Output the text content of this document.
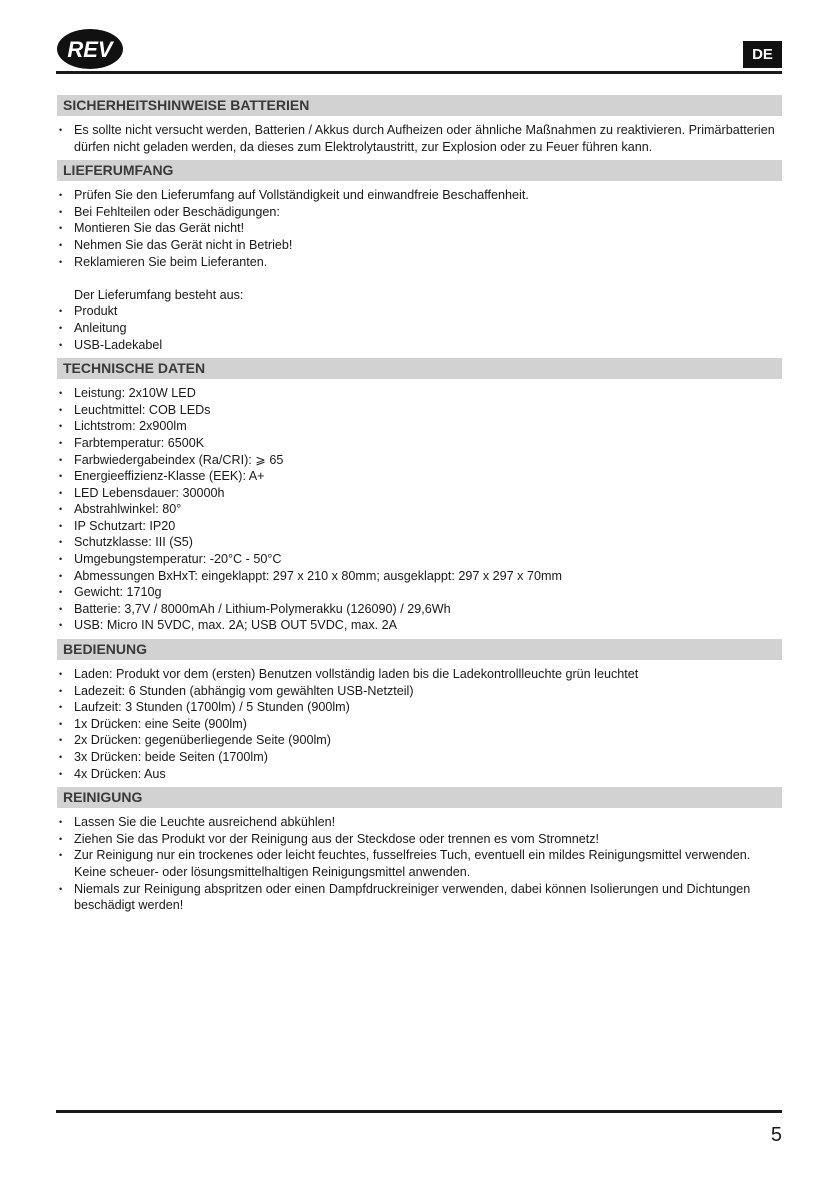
REV	DE
SICHERHEITSHINWEISE BATTERIEN
• Es sollte nicht versucht werden, Batterien / Akkus durch Aufheizen oder ähnliche Maßnahmen zu reaktivieren. Primärbatterien dürfen nicht geladen werden, da dieses zum Elektrolytaustritt, zur Explosion oder zu Feuer führen kann.
LIEFERUMFANG
• Prüfen Sie den Lieferumfang auf Vollständigkeit und einwandfreie Beschaffenheit.
• Bei Fehlteilen oder Beschädigungen:
• Montieren Sie das Gerät nicht!
• Nehmen Sie das Gerät nicht in Betrieb!
• Reklamieren Sie beim Lieferanten.
Der Lieferumfang besteht aus:
• Produkt
• Anleitung
• USB-Ladekabel
TECHNISCHE DATEN
• Leistung: 2x10W LED
• Leuchtmittel: COB LEDs
• Lichtstrom: 2x900lm
• Farbtemperatur: 6500K
• Farbwiedergabeindex (Ra/CRI): ⩾ 65
• Energieeffizienz-Klasse (EEK): A+
• LED Lebensdauer: 30000h
• Abstrahlwinkel: 80°
• IP Schutzart: IP20
• Schutzklasse: III (S5)
• Umgebungstemperatur: -20°C - 50°C
• Abmessungen BxHxT: eingeklappt: 297 x 210 x 80mm; ausgeklappt: 297 x 297 x 70mm
• Gewicht: 1710g
• Batterie: 3,7V / 8000mAh / Lithium-Polymerakku (126090) / 29,6Wh
• USB: Micro IN 5VDC, max. 2A; USB OUT 5VDC, max. 2A
BEDIENUNG
• Laden: Produkt vor dem (ersten) Benutzen vollständig laden bis die Ladekontrollleuchte grün leuchtet
• Ladezeit: 6 Stunden (abhängig vom gewählten USB-Netzteil)
• Laufzeit: 3 Stunden (1700lm) / 5 Stunden (900lm)
• 1x Drücken: eine Seite (900lm)
• 2x Drücken: gegenüberliegende Seite (900lm)
• 3x Drücken: beide Seiten (1700lm)
• 4x Drücken: Aus
REINIGUNG
• Lassen Sie die Leuchte ausreichend abkühlen!
• Ziehen Sie das Produkt vor der Reinigung aus der Steckdose oder trennen es vom Stromnetz!
• Zur Reinigung nur ein trockenes oder leicht feuchtes, fusselfreies Tuch, eventuell ein mildes Reinigungsmittel verwenden. Keine scheuer- oder lösungsmittelhaltigen Reinigungsmittel anwenden.
• Niemals zur Reinigung abspritzen oder einen Dampfdruckreiniger verwenden, dabei können Isolierungen und Dichtungen beschädigt werden!
5
